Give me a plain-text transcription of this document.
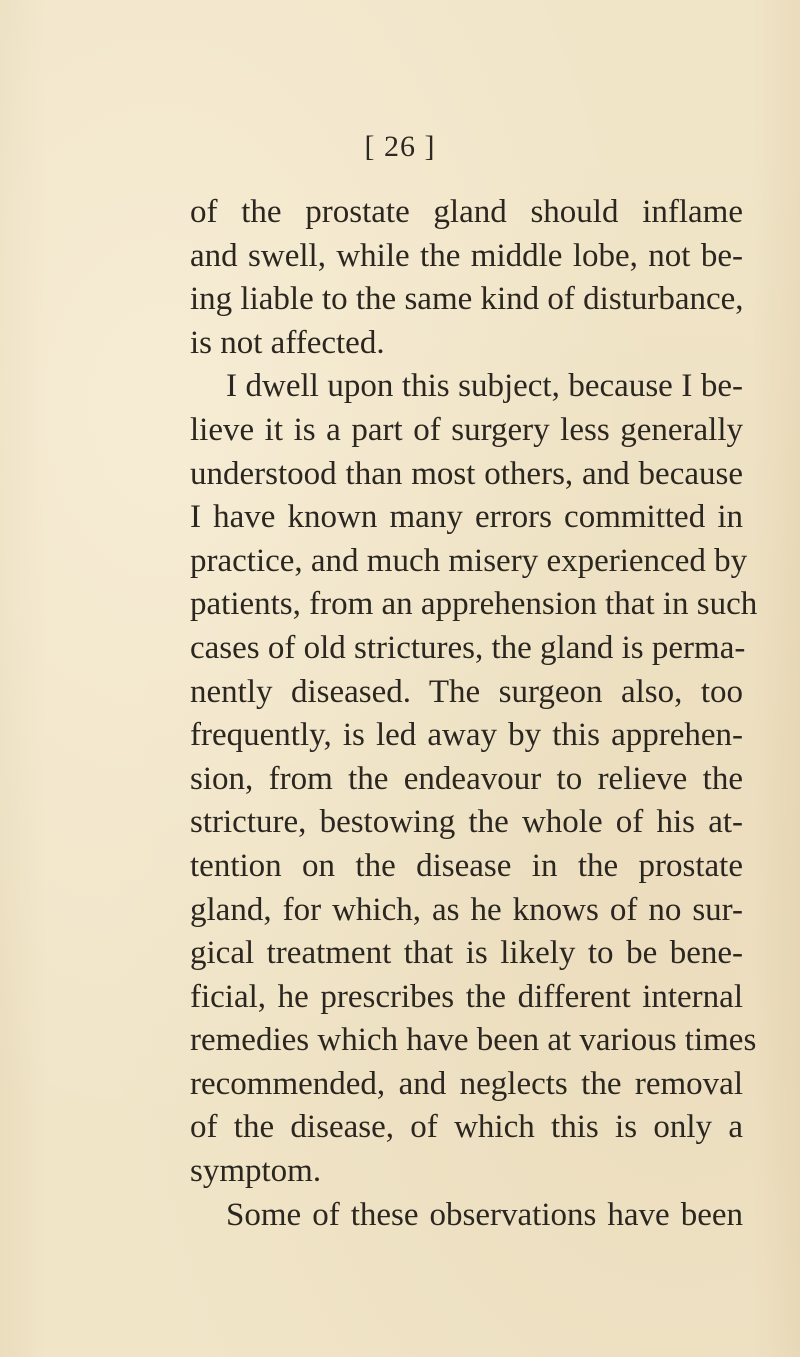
[ 26 ]
of the prostate gland should inflame
and swell, while the middle lobe, not be-
ing liable to the same kind of disturbance,
is not affected.
I dwell upon this subject, because I be-
lieve it is a part of surgery less generally
understood than most others, and because
I have known many errors committed in
practice, and much misery experienced by
patients, from an apprehension that in such
cases of old strictures, the gland is perma-
nently diseased. The surgeon also, too
frequently, is led away by this apprehen-
sion, from the endeavour to relieve the
stricture, bestowing the whole of his at-
tention on the disease in the prostate
gland, for which, as he knows of no sur-
gical treatment that is likely to be bene-
ficial, he prescribes the different internal
remedies which have been at various times
recommended, and neglects the removal
of the disease, of which this is only a
symptom.
Some of these observations have been
